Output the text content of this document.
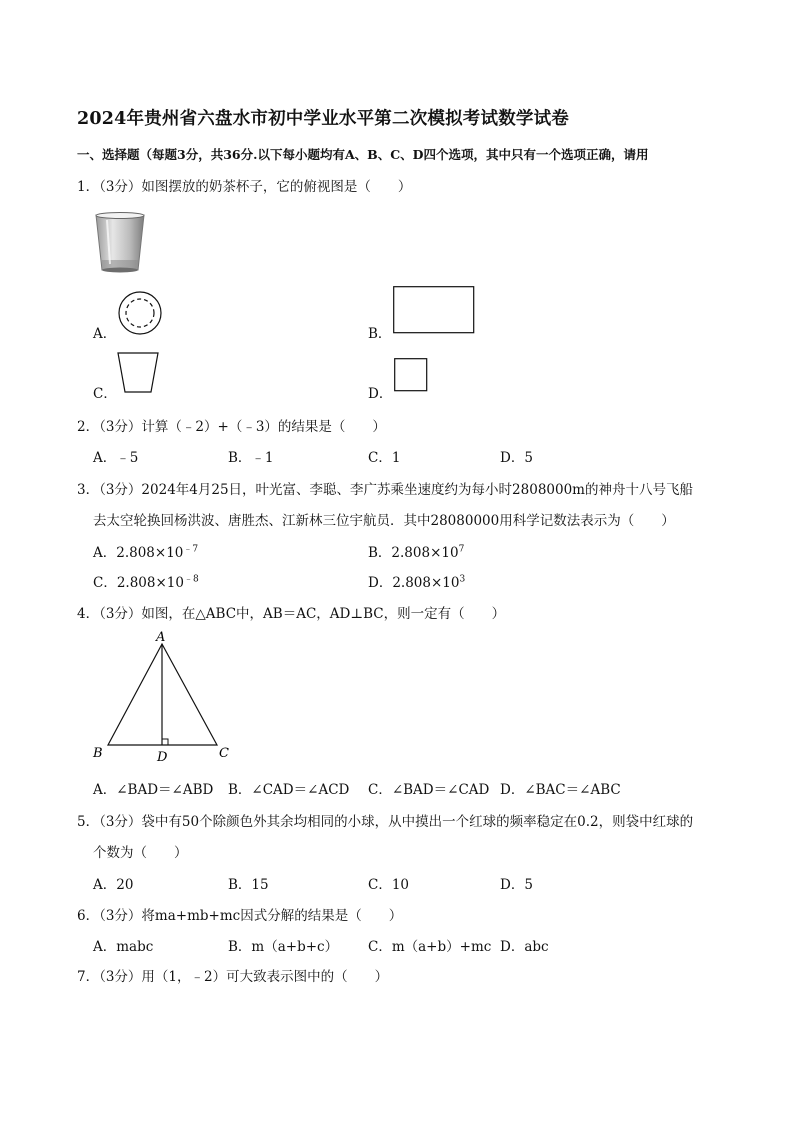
2024年贵州省六盘水市初中学业水平第二次模拟考试数学试卷
一、选择题（每题3分，共36分.以下每小题均有A、B、C、D四个选项，其中只有一个选项正确，请用
1．（3分）如图摆放的奶茶杯子，它的俯视图是（　　）
A．	B．
C．	D．
2．（3分）计算（﹣2）+（﹣3）的结果是（　　）
A．﹣5	B．﹣1	C．1	D．5
3．（3分）2024年4月25日，叶光富、李聪、李广苏乘坐速度约为每小时2808000m的神舟十八号飞船
去太空轮换回杨洪波、唐胜杰、江新林三位宇航员．其中28080000用科学记数法表示为（　　）
A．$2.808\times 10^{﹣7}$	B．$2.808\times 10^7$
C．$2.808\times 10^{﹣8}$	D．$2.808\times 10^3$
4．（3分）如图，在△ABC中，AB＝AC，AD⊥BC，则一定有（　　）
A
B	C
D
A．∠BAD＝∠ABD B．∠CAD＝∠ACD C．∠BAD＝∠CAD D．∠BAC＝∠ABC
5．（3分）袋中有50个除颜色外其余均相同的小球，从中摸出一个红球的频率稳定在0.2，则袋中红球的
个数为（　　）
A．20	B．15	C．10	D．5
6．（3分）将ma+mb+mc因式分解的结果是（　　）
A．mabc	B．m（a+b+c） C．m（a+b）+mc D．abc
7．（3分）用（1，﹣2）可大致表示图中的（　　）
